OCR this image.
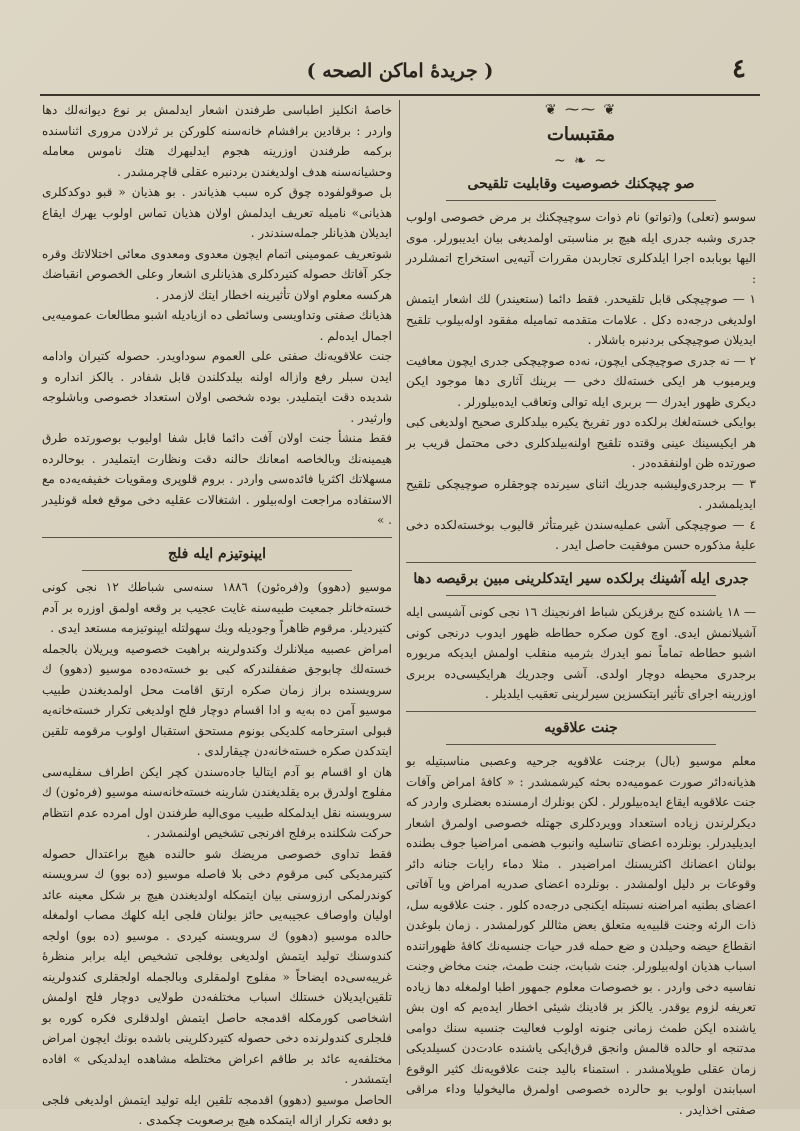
٤
( جريدهٔ اماكن الصحه )
❦ ⁓⁓ ❦
مقتبسات
~ ❧ ~
صو چیچكنك خصوصیت وقابلیت تلقیحی

سوسو (تعلی) و(تواتو) نام ذوات سوچیچكنك بر مرض خصوصی اولوب جدری وشبه جدری ایله هیچ بر مناسبتی اولمدیغی بیان ایدیبورلر. موی الیها بوبابده اجرا ایلدكلری تجاربدن مقررات آتیه‌یی استخراج اتمشلردر :

۱ — صوچیچكی قابل تلقیحدر. فقط دائما (ستعیندر) لك اشعار ایتمش اولدیغی درجه‌ده دكل . علامات متقدمه تمامیله مفقود اوله‌بیلوب تلقیح ایدیلان صوچیچكی بردنبره باشلار .

۲ — نه جدری صوچیچكی ایچون، نه‌ده صوچیچكی جدری ایچون معافیت ویرمیوب هر ایكی خسته‌لك دخی — برینك آثاری دها موجود ایكن دیكری ظهور ایدرك — بربری ایله توالی وتعاقب ایده‌بیلورلر .

بوایكی خسته‌لغك برلكده دور تفریخ یكیره بیلدكلری صحیح اولدیغی كبی هر ایكیسینك عینی وقتده تلقیح اولنه‌بیلدكلری دخی محتمل قریب بر صورتده ظن اولنفقده‌در .

۳ — برجدری‌ولیشبه جدریك اثنای سیرنده چوجقلره صوچیچكی تلقیح ایدیلمشدر .

٤ — صوچیچكی آشی عملیه‌سندن غیرمتأثر قالیوب بوخسته‌لكده دخی علیهٔ مذكوره حسن موفقیت حاصل ایدر .

جدری ایله آشینك برلكده سیر ایتدكلرینی مبین برقیصه دها

— ۱۸ یاشنده كنج برقزیكن شباط افرنجینك ۱٦ نجی كونی آشیسی ایله آشیلانمش ایدی. اوچ كون صكره حطاطه ظهور ایدوب درنجی كونی اشبو حطاطه تماماً نمو ایدرك بثرمیه منقلب اولمش ایدیكه مریوره برجدری محیطه دوچار اولدی. آشی وجدریك هرایكیسی‌ده بربری اوزرینه اجرای تأثیر ایتكسزین سیرلرینی تعقیب ایلدیلر .

جنت علاقویه

معلم موسیو (بال) برجنت علاقویه جرحیه وعصبی مناسبتیله بو هذیانه‌دائر صورت عمومیه‌ده بحثه كیرشمشدر : « كافهٔ امراض وآفات جنت علاقویه ایقاع ایده‌بیلورلر . لكن بونلرك ارمسنده بعضلری واردر كه دیكرلرندن زیاده استعداد وویردكلری جهتله خصوصی اولمرق اشعار ایدیلیدرلر. بونلرده اعضای تناسلیه وانبوب هضمی امراضیا جوف بطنده بولنان اعضانك اكثریسنك امراضیدر . مثلا دماء رایات جنانه دائر وقوعات بر دلیل اولمشدر . بونلرده اعضای صدریه امراض ویا آفاتی اعضای بطنیه امراضنه نسبتله ایكنجی درجه‌ده كلور . جنت علاقویه سل، ذات الرئه وجنت قلبیه‌یه متعلق بعض مثاللر كورلمشدر . زمان بلوغدن انقطاع حیضه وحیلدن و ضع حمله قدر حیات جنسیه‌نك كافهٔ ظهوراتنده اسباب هذیان اوله‌بیلورلر. جنت شبابت، جنت طمث، جنت مخاض وجنت نفاسیه دخی واردر . بو خصوصات معلوم جمهور اطبا اولمغله دها زیاده تعریفه لزوم یوقدر. یالكز بر قادینك شیئی اخطار ایده‌یم كه اون بش یاشنده ایكن طمث زمانی جنونه اولوب فعالیت جنسیه سنك دوامی مدتنجه او حالده قالمش وانجق قرق‌ایكی یاشنده عادت‌دن كسیلدیكی زمان عقلی طوپلامشدر . استمناء باليد جنت علاقویه‌نك كثیر الوقوع اسبابندن اولوب بو حالرده خصوصی اولمرق مالیخولیا وداء مراقی صفتی اخذایدر .

خاصهٔ انكلیز اطباسی طرفندن اشعار ایدلمش بر نوع دیوانه‌لك دها واردر : برقادین برافشام خانه‌سنه كلوركن بر ثرلادن مروری اثناسنده بركمه طرفندن اوزرینه هجوم ایدلیهرك هتك ناموس معامله وحشیانه‌سنه هدف اولدیغندن بردنبره عقلی قاچرمشدر .

بل صوقولفوده چوق كره سبب هذیاندر . بو هذیان « قبو دوكدكلری هذیانی» نامیله تعریف ایدلمش اولان هذیان تماس اولوب یهرك ایقاع ایدیلان هذیانلر جمله‌سندندر .

شوتعریف عمومینی اتمام ایچون معدوی ومعدوی معائی اختلالاتك وقره جكر آفاتك حصوله كتیردكلری هذیانلری اشعار وعلی الخصوص انقباضك هركسه معلوم اولان تأثیرینه اخطار ایتك لازمدر .

هذیانك صفتی وتداویسی وسائطی ده ازیادیله اشبو مطالعات عمومیه‌یی اجمال ایده‌لم .

جنت علاقویه‌نك صفتی علی العموم سوداویدر. حصوله كتیران وادامه ایدن سبلر رفع وازاله اولنه بیلدكلندن قابل شفادر . یالكز انداره و شدیده دقت ایتملیدر. بوده شخصی اولان استعداد خصوصی وباشلوجه وارثیدر .

فقط منشأ جنت اولان آفت دائما قابل شفا اولیوب بوصورتده طرق هیمینه‌نك وبالخاصه امعانك حالنه دقت ونظارت ایتملیدر . بوحالرده مسهلاتك اكثریا فائده‌سی واردر . بروم قلوپری ومقویات خفیفه‌یه‌ده مع الاستفاده مراجعت اوله‌بیلور . اشتغالات عقلیه دخی موقع فعله قونلیدر . »

ایپنوتیزم ایله فلج

موسیو (دهوو) و(فره‌ئون) ۱۸۸٦ سنه‌سی شباطك ۱۲ نجی كونی خسته‌خانلر جمعیت طبیه‌سنه غایت عجیب بر وقعه اولمق اوزره بر آدم كتیردیلر. مرقوم ظاهراً وجودیله وبك سهولتله ایپنوتیزمه مستعد ایدی .

امراض عصبیه میلانلرك وكندولرینه براهیت خصوصیه ویریلان بالجمله خسته‌لك چابوجق ضففلندركه كبی بو خسته‌ده‌ده موسیو (دهوو) ك سرویسنده براز زمان صكره ارتق اقامت محل اولمدیغندن طبیب موسیو آمن ده به‌یه و ادا اقسام دوچار فلج اولدیغی تكرار خسته‌خانه‌یه قبولی استرحامه كلدیكی بونوم مستحق استقبال اولوب مرقومه تلقین ایتدكدن صكره خسته‌خانه‌دن چیقارلدی .

هان او اقسام بو آدم ایتالیا جاده‌سندن كچر ایكن اطراف سفلیه‌سی مفلوج اولدرق بره یقلدیغندن شارینه خسته‌خانه‌سنه موسیو (فره‌ئون) ك سرویسنه نقل ایدلمكله طبیب موی‌الیه طرفندن اول امرده عدم انتظام حركت شكلنده برفلج افرنجی تشخیص اولنمشدر .

فقط تداوی خصوصی مریضك شو حالنده هیچ براعتدال حصوله كتیرمدیكی كبی مرقوم دخی بلا فاصله موسیو (ده بوو) ك سرویسنه كوندرلمكی ارزوسنی بیان ایتمكله اولدیغندن هیچ بر شكل معینه عائد اولیان واوصاف عجیبه‌یی حائز بولنان فلجی ایله كلهك مصاب اولمغله حالده موسیو (دهوو) ك سرویسنه كیردی . موسیو (ده بوو) اولجه كندوسنك تولید ایتمش اولدیغی بوفلجی تشخیص ایله برابر منظرهٔ غریبه‌سی‌ده ایضاحاً « مفلوج اولمقلری وبالجمله اولجقلری كندولرینه تلقین‌ایدیلان خستلك اسباب مختلفه‌دن طولایی دوچار فلج اولمش اشخاصی كورمكله اقدمجه حاصل ایتمش اولدقلری فكره كوره بو فلجلری كندولرنده دخی حصوله كتیردكلرینی باشده بونك ایچون امراض مختلفه‌یه عائد بر طاقم اعراض مختلطه مشاهده ایدلدیكی » افاده ایتمشدر .

الحاصل موسیو (دهوو) اقدمجه تلقین ایله تولید ایتمش اولدیغی فلجی بو دفعه تكرار ازاله ایتمكده هیچ برصعوبت چكمدی .
